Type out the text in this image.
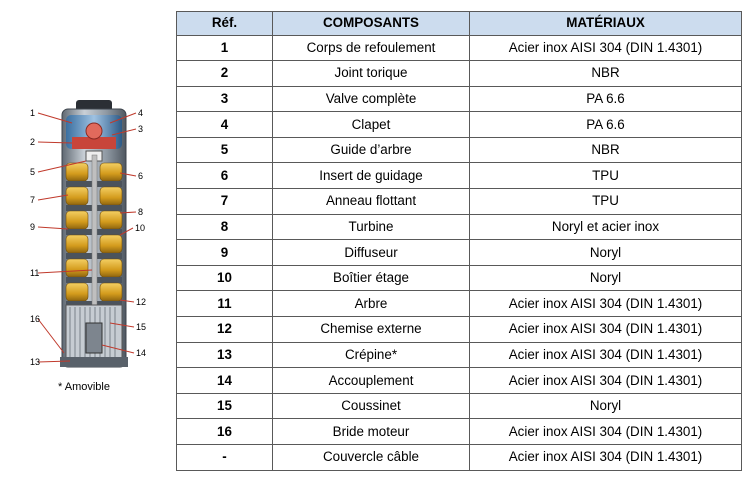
1
2
3
4
5	6
7
8
9	10
11
12
13
14
15
16
* Amovible
Réf.	COMPOSANTS	MATÉRIAUX
1	Corps de refoulement	Acier inox AISI 304 (DIN 1.4301)
2	Joint torique	NBR
3	Valve complète	PA 6.6
4	Clapet	PA 6.6
5	Guide d’arbre	NBR
6	Insert de guidage	TPU
7	Anneau flottant	TPU
8	Turbine	Noryl et acier inox
9	Diffuseur	Noryl
10	Boîtier étage	Noryl
11	Arbre	Acier inox AISI 304 (DIN 1.4301)
12	Chemise externe	Acier inox AISI 304 (DIN 1.4301)
13	Crépine*	Acier inox AISI 304 (DIN 1.4301)
14	Accouplement	Acier inox AISI 304 (DIN 1.4301)
15	Coussinet	Noryl
16	Bride moteur	Acier inox AISI 304 (DIN 1.4301)
-	Couvercle câble	Acier inox AISI 304 (DIN 1.4301)
